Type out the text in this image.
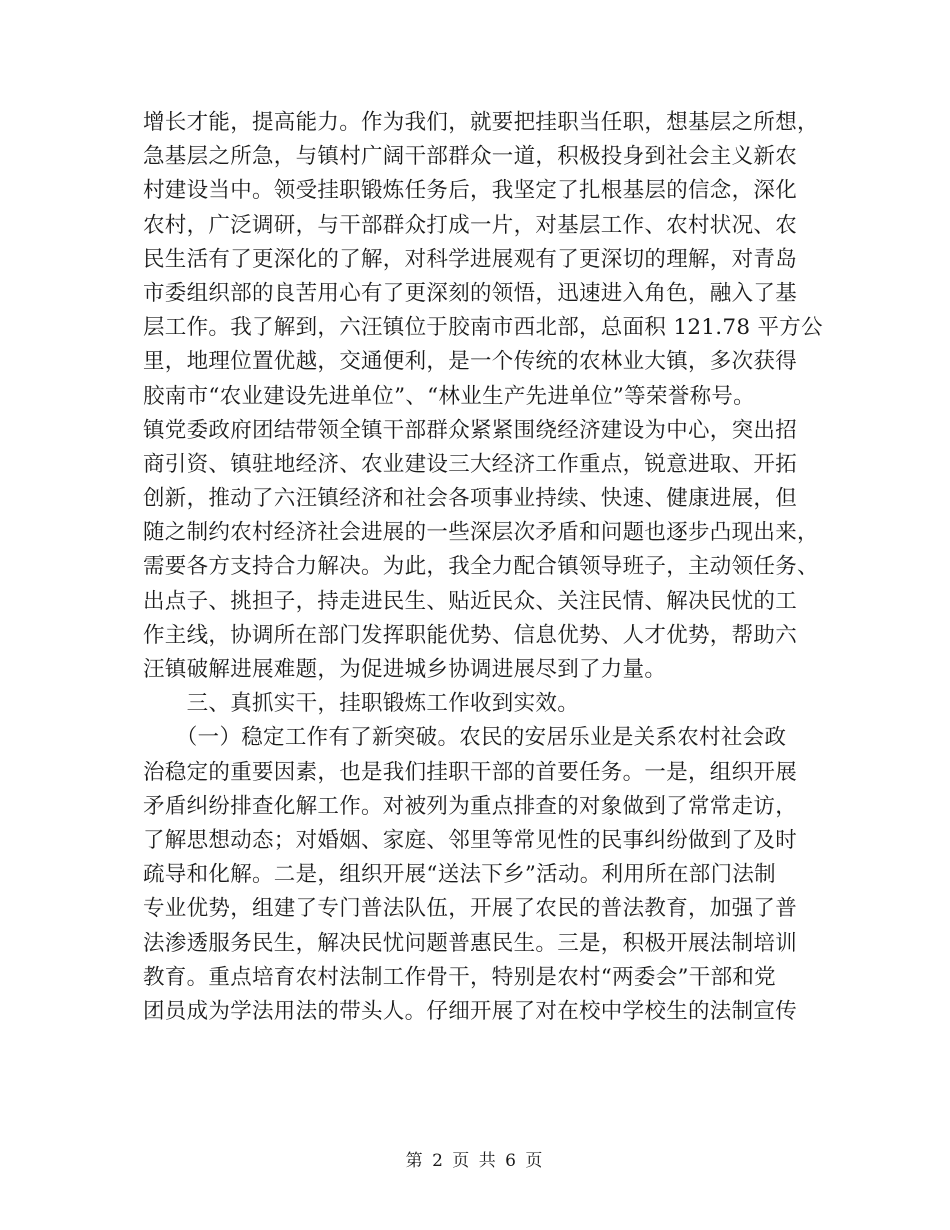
增长才能，提高能力。作为我们，就要把挂职当任职，想基层之所想，
急基层之所急，与镇村广阔干部群众一道，积极投身到社会主义新农
村建设当中。领受挂职锻炼任务后，我坚定了扎根基层的信念，深化
农村，广泛调研，与干部群众打成一片，对基层工作、农村状况、农
民生活有了更深化的了解，对科学进展观有了更深切的理解，对青岛
市委组织部的良苦用心有了更深刻的领悟，迅速进入角色，融入了基
层工作。我了解到，六汪镇位于胶南市西北部，总面积 121.78 平方公
里，地理位置优越，交通便利，是一个传统的农林业大镇，多次获得
胶南市“农业建设先进单位”、“林业生产先进单位”等荣誉称号。
镇党委政府团结带领全镇干部群众紧紧围绕经济建设为中心，突出招
商引资、镇驻地经济、农业建设三大经济工作重点，锐意进取、开拓
创新，推动了六汪镇经济和社会各项事业持续、快速、健康进展，但
随之制约农村经济社会进展的一些深层次矛盾和问题也逐步凸现出来，
需要各方支持合力解决。为此，我全力配合镇领导班子，主动领任务、
出点子、挑担子，持走进民生、贴近民众、关注民情、解决民忧的工
作主线，协调所在部门发挥职能优势、信息优势、人才优势，帮助六
汪镇破解进展难题，为促进城乡协调进展尽到了力量。
　　三、真抓实干，挂职锻炼工作收到实效。
　　（一）稳定工作有了新突破。农民的安居乐业是关系农村社会政
治稳定的重要因素，也是我们挂职干部的首要任务。一是，组织开展
矛盾纠纷排查化解工作。对被列为重点排查的对象做到了常常走访，
了解思想动态；对婚姻、家庭、邻里等常见性的民事纠纷做到了及时
疏导和化解。二是，组织开展“送法下乡”活动。利用所在部门法制
专业优势，组建了专门普法队伍，开展了农民的普法教育，加强了普
法渗透服务民生，解决民忧问题普惠民生。三是，积极开展法制培训
教育。重点培育农村法制工作骨干，特别是农村“两委会”干部和党
团员成为学法用法的带头人。仔细开展了对在校中学校生的法制宣传
第 2 页 共 6 页
